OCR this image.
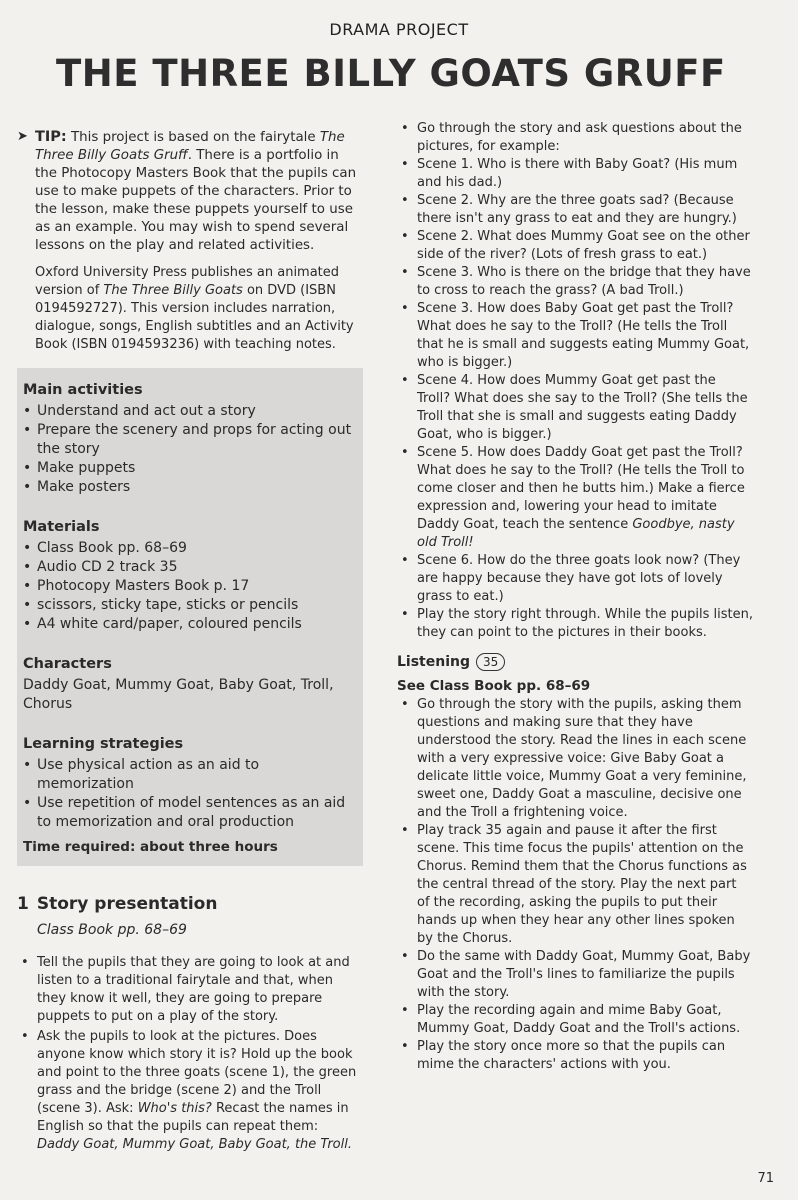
DRAMA PROJECT
THE THREE BILLY GOATS GRUFF
➤ TIP: This project is based on the fairytale The Three Billy Goats Gruff. There is a portfolio in the Photocopy Masters Book that the pupils can use to make puppets of the characters. Prior to the lesson, make these puppets yourself to use as an example. You may wish to spend several lessons on the play and related activities.
Oxford University Press publishes an animated version of The Three Billy Goats on DVD (ISBN 0194592727). This version includes narration, dialogue, songs, English subtitles and an Activity Book (ISBN 0194593236) with teaching notes.
Main activities
• Understand and act out a story
• Prepare the scenery and props for acting out the story
• Make puppets
• Make posters
Materials
• Class Book pp. 68–69
• Audio CD 2 track 35
• Photocopy Masters Book p. 17
• scissors, sticky tape, sticks or pencils
• A4 white card/paper, coloured pencils
Characters
Daddy Goat, Mummy Goat, Baby Goat, Troll, Chorus
Learning strategies
• Use physical action as an aid to memorization
• Use repetition of model sentences as an aid to memorization and oral production
Time required: about three hours
1 Story presentation
Class Book pp. 68–69
• Tell the pupils that they are going to look at and listen to a traditional fairytale and that, when they know it well, they are going to prepare puppets to put on a play of the story.
• Ask the pupils to look at the pictures. Does anyone know which story it is? Hold up the book and point to the three goats (scene 1), the green grass and the bridge (scene 2) and the Troll (scene 3). Ask: Who's this? Recast the names in English so that the pupils can repeat them: Daddy Goat, Mummy Goat, Baby Goat, the Troll.
• Go through the story and ask questions about the pictures, for example:
• Scene 1. Who is there with Baby Goat? (His mum and his dad.)
• Scene 2. Why are the three goats sad? (Because there isn't any grass to eat and they are hungry.)
• Scene 2. What does Mummy Goat see on the other side of the river? (Lots of fresh grass to eat.)
• Scene 3. Who is there on the bridge that they have to cross to reach the grass? (A bad Troll.)
• Scene 3. How does Baby Goat get past the Troll? What does he say to the Troll? (He tells the Troll that he is small and suggests eating Mummy Goat, who is bigger.)
• Scene 4. How does Mummy Goat get past the Troll? What does she say to the Troll? (She tells the Troll that she is small and suggests eating Daddy Goat, who is bigger.)
• Scene 5. How does Daddy Goat get past the Troll? What does he say to the Troll? (He tells the Troll to come closer and then he butts him.) Make a fierce expression and, lowering your head to imitate Daddy Goat, teach the sentence Goodbye, nasty old Troll!
• Scene 6. How do the three goats look now? (They are happy because they have got lots of lovely grass to eat.)
• Play the story right through. While the pupils listen, they can point to the pictures in their books.
Listening	35
See Class Book pp. 68–69
• Go through the story with the pupils, asking them questions and making sure that they have understood the story. Read the lines in each scene with a very expressive voice: Give Baby Goat a delicate little voice, Mummy Goat a very feminine, sweet one, Daddy Goat a masculine, decisive one and the Troll a frightening voice.
• Play track 35 again and pause it after the first scene. This time focus the pupils' attention on the Chorus. Remind them that the Chorus functions as the central thread of the story. Play the next part of the recording, asking the pupils to put their hands up when they hear any other lines spoken by the Chorus.
• Do the same with Daddy Goat, Mummy Goat, Baby Goat and the Troll's lines to familiarize the pupils with the story.
• Play the recording again and mime Baby Goat, Mummy Goat, Daddy Goat and the Troll's actions.
• Play the story once more so that the pupils can mime the characters' actions with you.
71
